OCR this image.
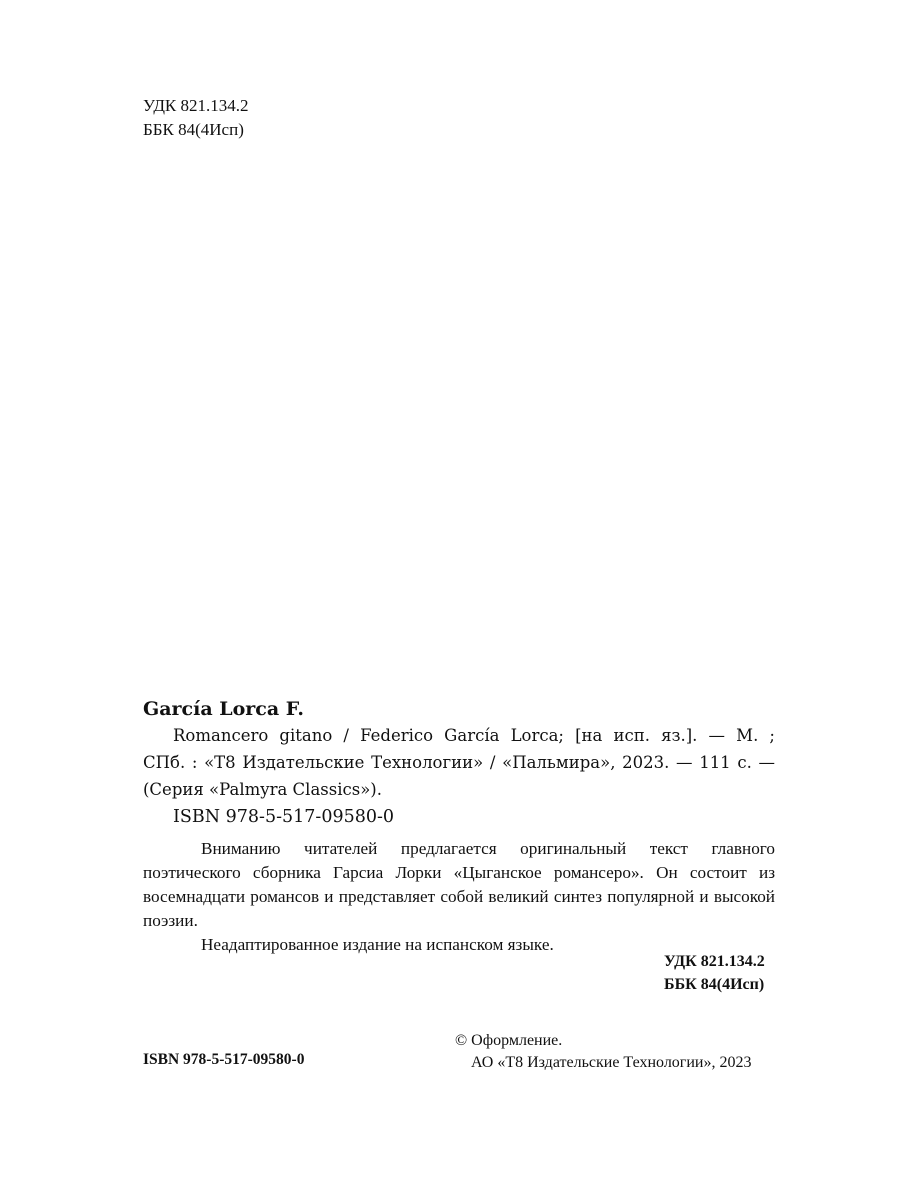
УДК 821.134.2
ББК 84(4Исп)
García Lorca F.
Romancero gitano / Federico García Lorca; [на исп. яз.]. — М. ;
СПб. : «Т8 Издательские Технологии» / «Пальмира», 2023. — 111 с. —
(Серия «Palmyra Classics»).
ISBN 978-5-517-09580-0

Вниманию читателей предлагается оригинальный текст главного поэтического сборника Гарсиа Лорки «Цыганское романсеро». Он состоит из восемнадцати романсов и представляет собой великий синтез популярной и высокой поэзии.

Неадаптированное издание на испанском языке.

УДК 821.134.2
ББК 84(4Исп)
© Оформление.
АО «Т8 Издательские Технологии», 2023
ISBN 978-5-517-09580-0
